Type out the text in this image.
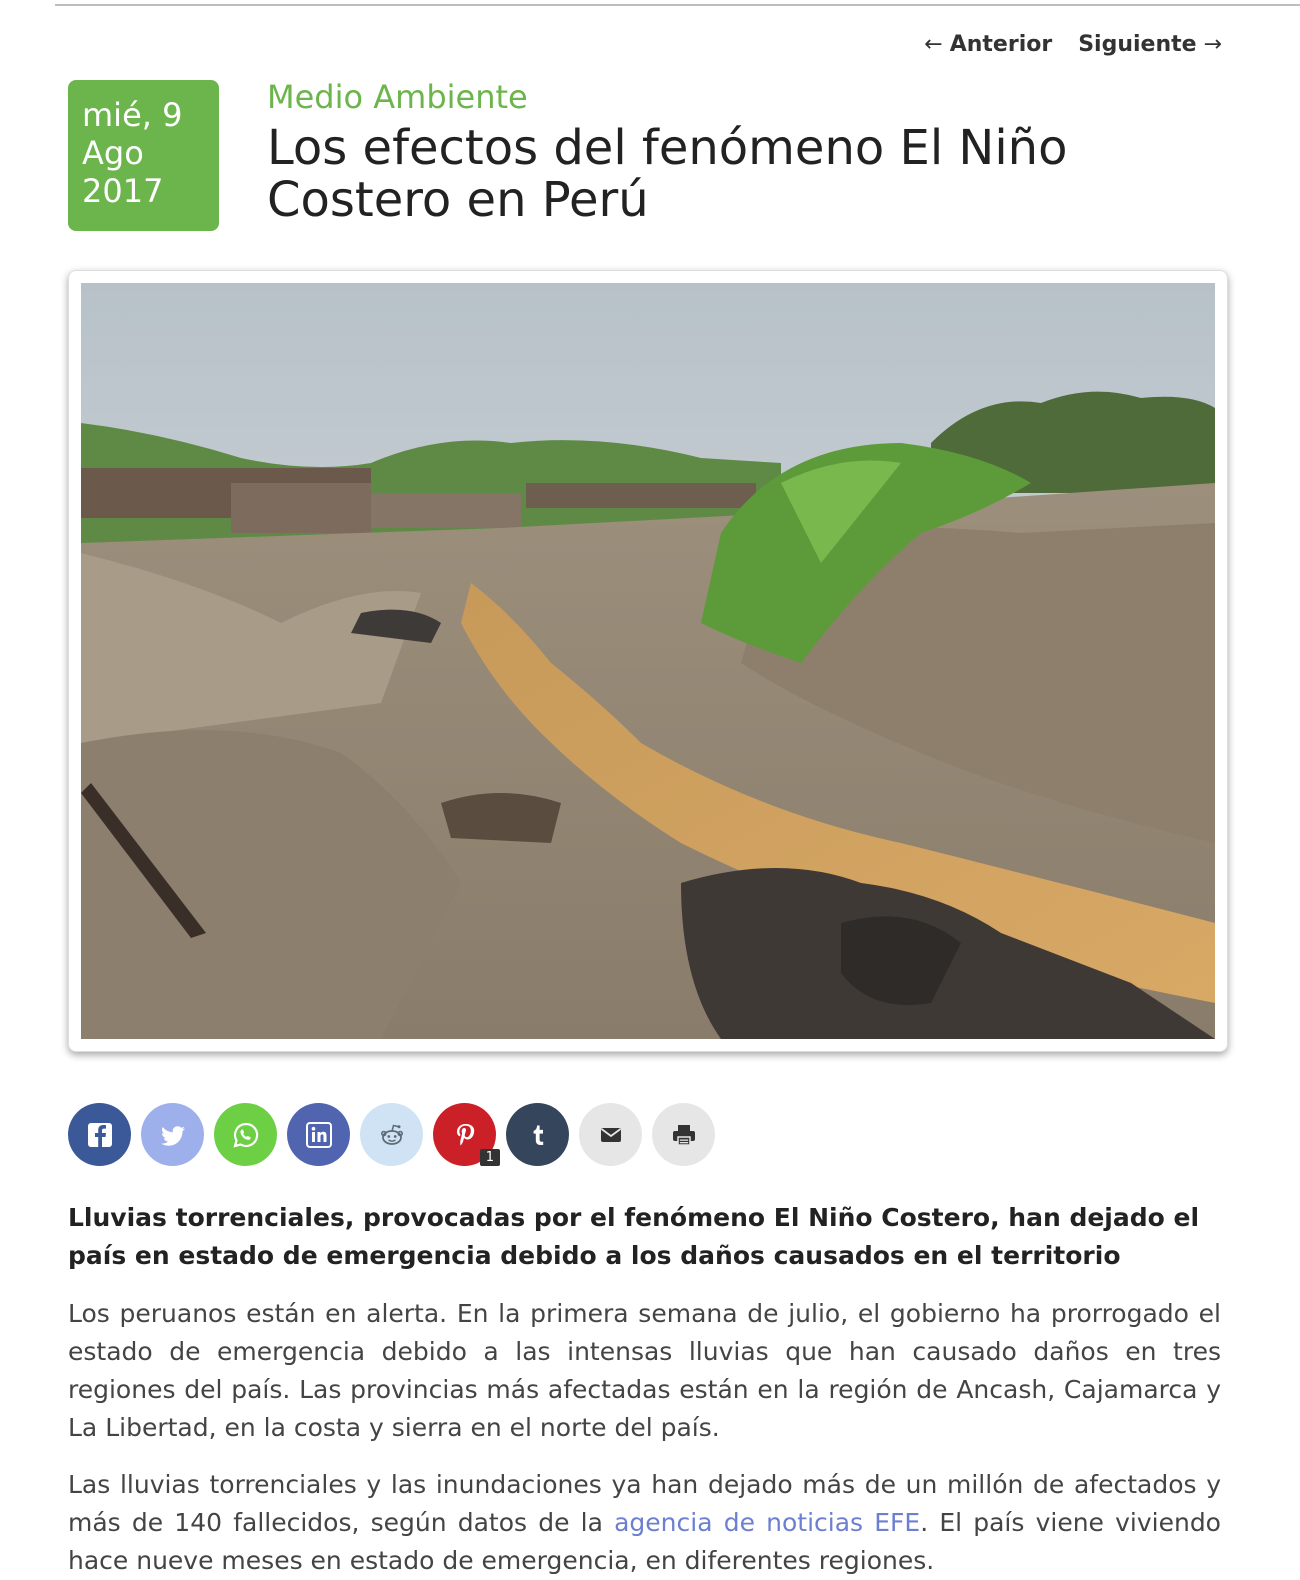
← Anterior Siguiente →
mié, 9
Ago
2017
Medio Ambiente
Los efectos del fenómeno El Niño Costero en Perú
1

Lluvias torrenciales, provocadas por el fenómeno El Niño Costero, han dejado el país en estado de emergencia debido a los daños causados en el territorio

Los peruanos están en alerta. En la primera semana de julio, el gobierno ha prorrogado el estado de emergencia debido a las intensas lluvias que han causado daños en tres regiones del país. Las provincias más afectadas están en la región de Ancash, Cajamarca y La Libertad, en la costa y sierra en el norte del país.

Las lluvias torrenciales y las inundaciones ya han dejado más de un millón de afectados y más de 140 fallecidos, según datos de la agencia de noticias EFE. El país viene viviendo hace nueve meses en estado de emergencia, en diferentes regiones.
